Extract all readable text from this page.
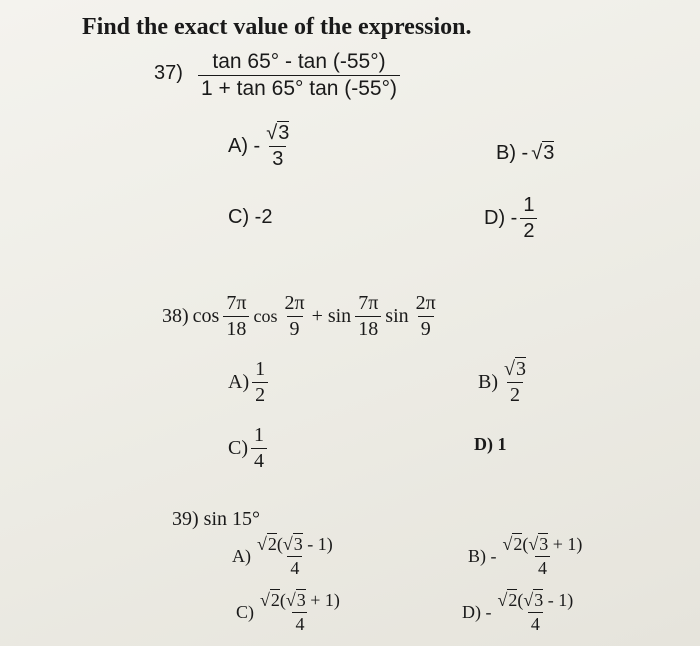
Find the exact value of the expression.
$37) \frac{\tan 65^\circ - \tan (-55^\circ)}{1 + \tan 65^\circ \tan (-55^\circ)}$
$A) - \frac{√3}{3}$	B) - √3
C) -2	$D) - \frac{1}{2}$
38) $\cos \frac{7\pi}{18}$ $\cos \frac{2\pi}{9} + \sin \frac{7\pi}{18}$ $\sin \frac{2\pi}{9}$
$A) \frac{1}{2}$	$B) \frac{√3}{2}$
$C) \frac{1}{4}$	D) 1
39) sin 15°
$A) \frac{√2(√3 - 1)}{4}$	$B) - \frac{√2(√3 + 1)}{4}$
$C) \frac{√2(√3 + 1)}{4}$	$D) - \frac{√2(√3 - 1)}{4}$
